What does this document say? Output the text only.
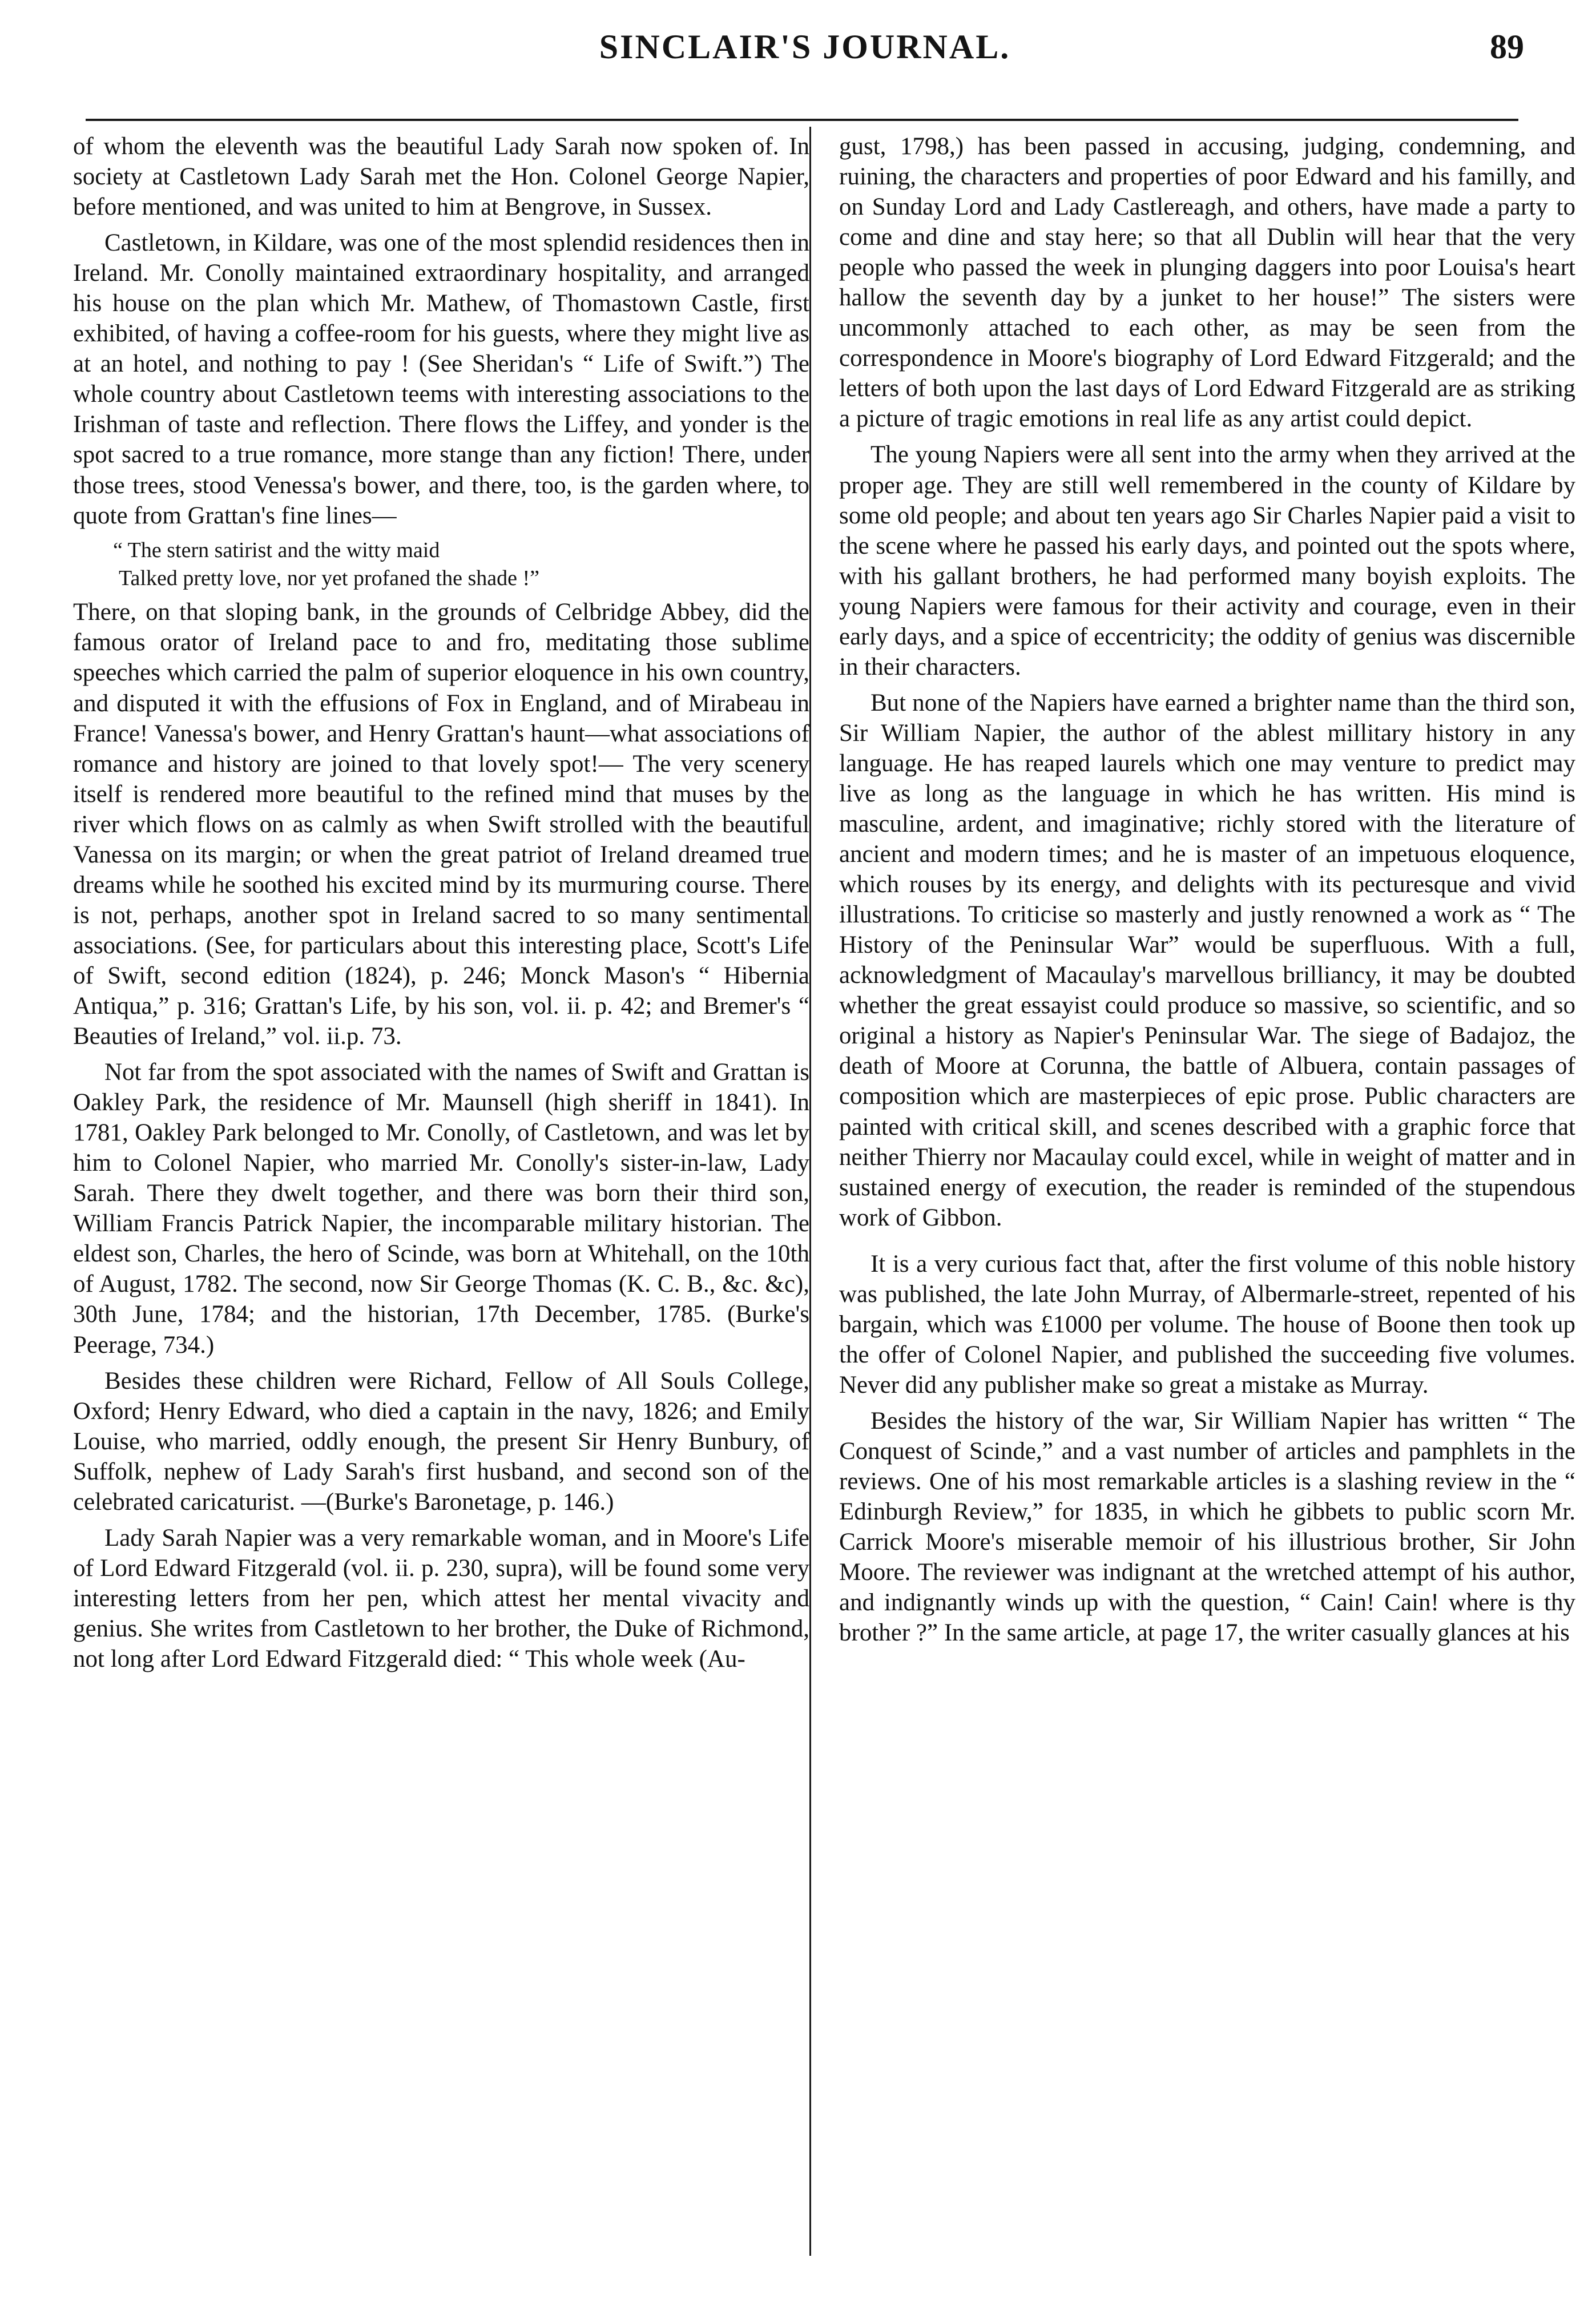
SINCLAIR'S JOURNAL.	89

of whom the eleventh was the beautiful Lady Sarah now spoken of. In society at Castletown Lady Sarah met the Hon. Colonel George Napier, before mentioned, and was united to him at Bengrove, in Sussex.

Castletown, in Kildare, was one of the most splendid residences then in Ireland. Mr. Conolly maintained extraordinary hospitality, and arranged his house on the plan which Mr. Mathew, of Thomastown Castle, first exhibited, of having a coffee-room for his guests, where they might live as at an hotel, and nothing to pay ! (See Sheridan's “ Life of Swift.”) The whole country about Castletown teems with interesting associations to the Irishman of taste and reflection. There flows the Liffey, and yonder is the spot sacred to a true romance, more stange than any fiction! There, under those trees, stood Venessa's bower, and there, too, is the garden where, to quote from Grattan's fine lines—

“ The stern satirist and the witty maid
Talked pretty love, nor yet profaned the shade !”

There, on that sloping bank, in the grounds of Celbridge Abbey, did the famous orator of Ireland pace to and fro, meditating those sublime speeches which carried the palm of superior eloquence in his own country, and disputed it with the effusions of Fox in England, and of Mirabeau in France! Vanessa's bower, and Henry Grattan's haunt—what associations of romance and history are joined to that lovely spot!— The very scenery itself is rendered more beautiful to the refined mind that muses by the river which flows on as calmly as when Swift strolled with the beautiful Vanessa on its margin; or when the great patriot of Ireland dreamed true dreams while he soothed his excited mind by its murmuring course. There is not, perhaps, another spot in Ireland sacred to so many sentimental associations. (See, for particulars about this interesting place, Scott's Life of Swift, second edition (1824), p. 246; Monck Mason's “ Hibernia Antiqua,” p. 316; Grattan's Life, by his son, vol. ii. p. 42; and Bremer's “ Beauties of Ireland,” vol. ii.p. 73.

Not far from the spot associated with the names of Swift and Grattan is Oakley Park, the residence of Mr. Maunsell (high sheriff in 1841). In 1781, Oakley Park belonged to Mr. Conolly, of Castletown, and was let by him to Colonel Napier, who married Mr. Conolly's sister-in-law, Lady Sarah. There they dwelt together, and there was born their third son, William Francis Patrick Napier, the incomparable military historian. The eldest son, Charles, the hero of Scinde, was born at Whitehall, on the 10th of August, 1782. The second, now Sir George Thomas (K. C. B., &c. &c), 30th June, 1784; and the historian, 17th December, 1785. (Burke's Peerage, 734.)

Besides these children were Richard, Fellow of All Souls College, Oxford; Henry Edward, who died a captain in the navy, 1826; and Emily Louise, who married, oddly enough, the present Sir Henry Bunbury, of Suffolk, nephew of Lady Sarah's first husband, and second son of the celebrated caricaturist. —(Burke's Baronetage, p. 146.)

Lady Sarah Napier was a very remarkable woman, and in Moore's Life of Lord Edward Fitzgerald (vol. ii. p. 230, supra), will be found some very interesting letters from her pen, which attest her mental vivacity and genius. She writes from Castletown to her brother, the Duke of Richmond, not long after Lord Edward Fitzgerald died: “ This whole week (Au-

gust, 1798,) has been passed in accusing, judging, condemning, and ruining, the characters and properties of poor Edward and his familly, and on Sunday Lord and Lady Castlereagh, and others, have made a party to come and dine and stay here; so that all Dublin will hear that the very people who passed the week in plunging daggers into poor Louisa's heart hallow the seventh day by a junket to her house!” The sisters were uncommonly attached to each other, as may be seen from the correspondence in Moore's biography of Lord Edward Fitzgerald; and the letters of both upon the last days of Lord Edward Fitzgerald are as striking a picture of tragic emotions in real life as any artist could depict.

The young Napiers were all sent into the army when they arrived at the proper age. They are still well remembered in the county of Kildare by some old people; and about ten years ago Sir Charles Napier paid a visit to the scene where he passed his early days, and pointed out the spots where, with his gallant brothers, he had performed many boyish exploits. The young Napiers were famous for their activity and courage, even in their early days, and a spice of eccentricity; the oddity of genius was discernible in their characters.

But none of the Napiers have earned a brighter name than the third son, Sir William Napier, the author of the ablest millitary history in any language. He has reaped laurels which one may venture to predict may live as long as the language in which he has written. His mind is masculine, ardent, and imaginative; richly stored with the literature of ancient and modern times; and he is master of an impetuous eloquence, which rouses by its energy, and delights with its pecturesque and vivid illustrations. To criticise so masterly and justly renowned a work as “ The History of the Peninsular War” would be superfluous. With a full, acknowledgment of Macaulay's marvellous brilliancy, it may be doubted whether the great essayist could produce so massive, so scientific, and so original a history as Napier's Peninsular War. The siege of Badajoz, the death of Moore at Corunna, the battle of Albuera, contain passages of composition which are masterpieces of epic prose. Public characters are painted with critical skill, and scenes described with a graphic force that neither Thierry nor Macaulay could excel, while in weight of matter and in sustained energy of execution, the reader is reminded of the stupendous work of Gibbon.

It is a very curious fact that, after the first volume of this noble history was published, the late John Murray, of Albermarle-street, repented of his bargain, which was £1000 per volume. The house of Boone then took up the offer of Colonel Napier, and published the succeeding five volumes. Never did any publisher make so great a mistake as Murray.

Besides the history of the war, Sir William Napier has written “ The Conquest of Scinde,” and a vast number of articles and pamphlets in the reviews. One of his most remarkable articles is a slashing review in the “ Edinburgh Review,” for 1835, in which he gibbets to public scorn Mr. Carrick Moore's miserable memoir of his illustrious brother, Sir John Moore. The reviewer was indignant at the wretched attempt of his author, and indignantly winds up with the question, “ Cain! Cain! where is thy brother ?” In the same article, at page 17, the writer casually glances at his
